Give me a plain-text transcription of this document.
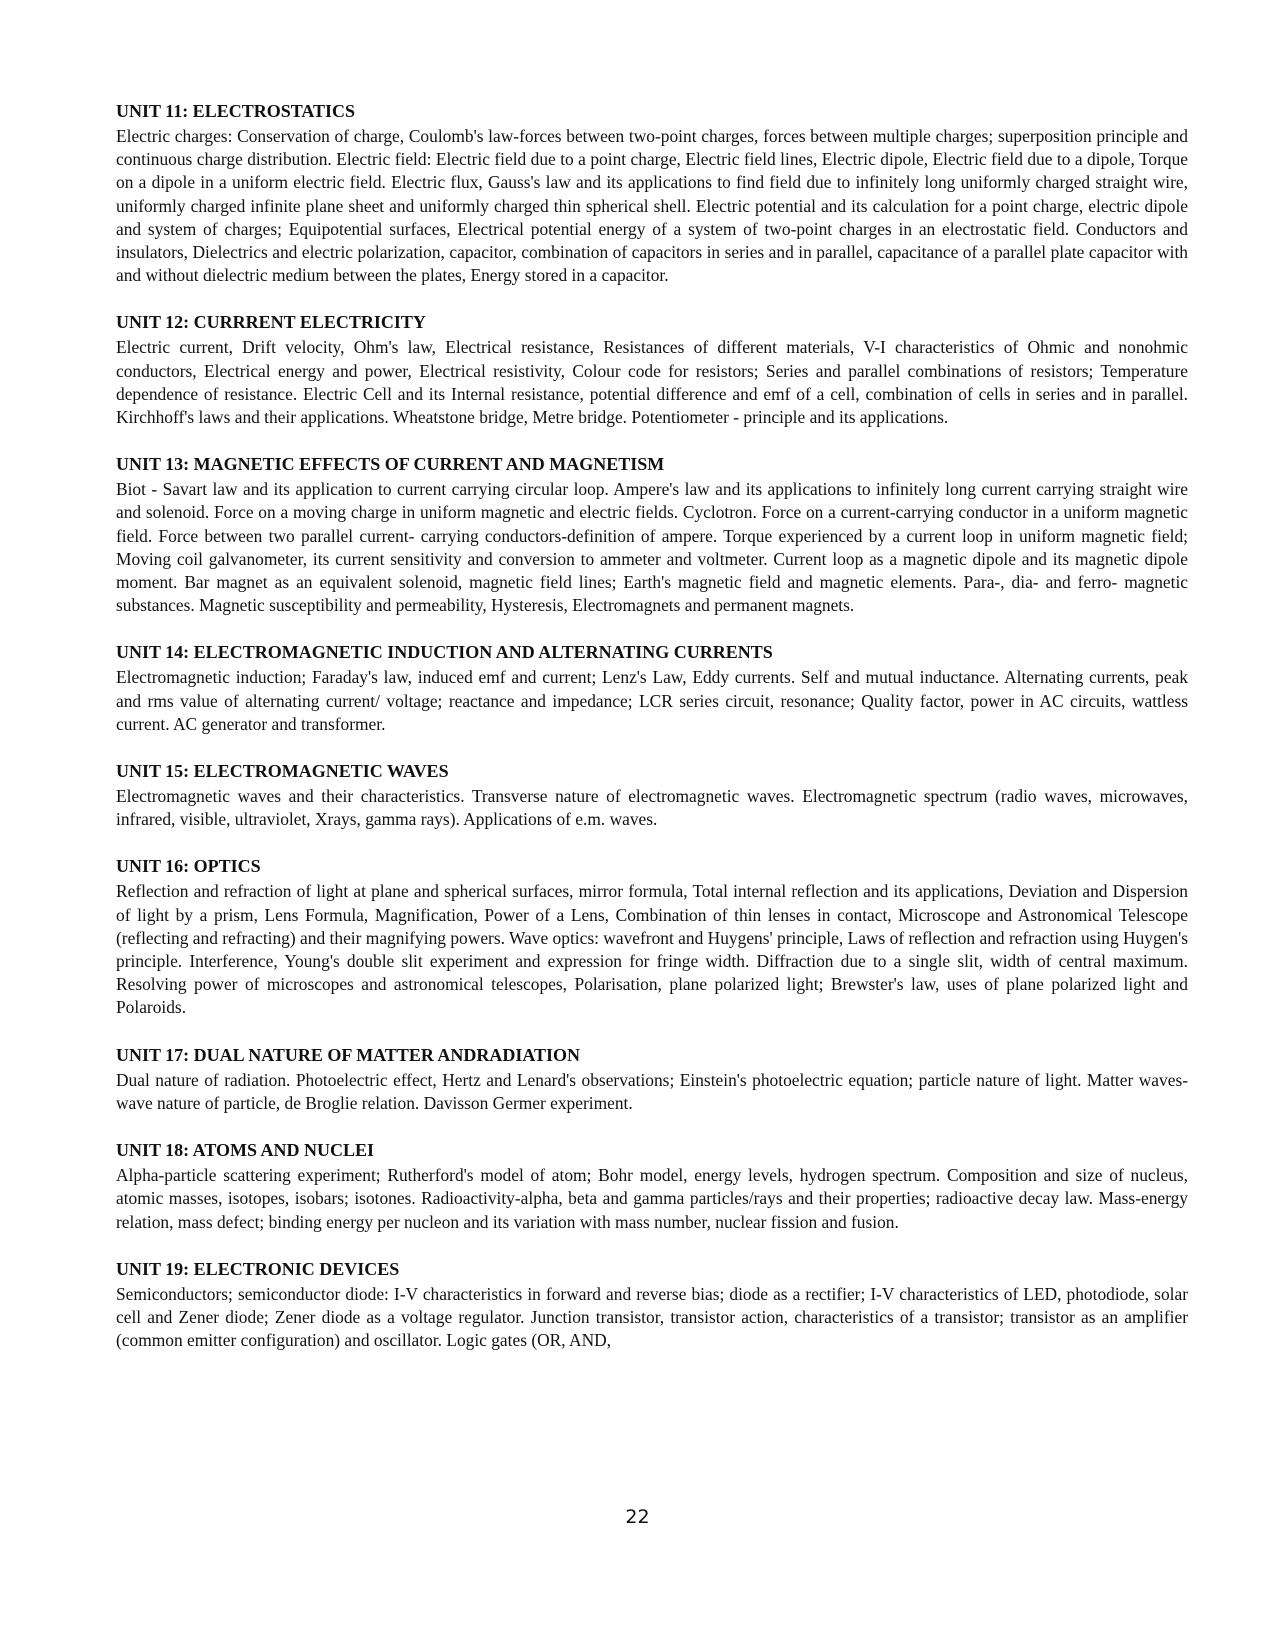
UNIT 11: ELECTROSTATICS

Electric charges: Conservation of charge, Coulomb's law-forces between two-point charges, forces between multiple charges; superposition principle and continuous charge distribution. Electric field: Electric field due to a point charge, Electric field lines, Electric dipole, Electric field due to a dipole, Torque on a dipole in a uniform electric field. Electric flux, Gauss's law and its applications to find field due to infinitely long uniformly charged straight wire, uniformly charged infinite plane sheet and uniformly charged thin spherical shell. Electric potential and its calculation for a point charge, electric dipole and system of charges; Equipotential surfaces, Electrical potential energy of a system of two-point charges in an electrostatic field. Conductors and insulators, Dielectrics and electric polarization, capacitor, combination of capacitors in series and in parallel, capacitance of a parallel plate capacitor with and without dielectric medium between the plates, Energy stored in a capacitor.

UNIT 12: CURRRENT ELECTRICITY

Electric current, Drift velocity, Ohm's law, Electrical resistance, Resistances of different materials, V-I characteristics of Ohmic and nonohmic conductors, Electrical energy and power, Electrical resistivity, Colour code for resistors; Series and parallel combinations of resistors; Temperature dependence of resistance. Electric Cell and its Internal resistance, potential difference and emf of a cell, combination of cells in series and in parallel. Kirchhoff's laws and their applications. Wheatstone bridge, Metre bridge. Potentiometer - principle and its applications.

UNIT 13: MAGNETIC EFFECTS OF CURRENT AND MAGNETISM

Biot - Savart law and its application to current carrying circular loop. Ampere's law and its applications to infinitely long current carrying straight wire and solenoid. Force on a moving charge in uniform magnetic and electric fields. Cyclotron. Force on a current-carrying conductor in a uniform magnetic field. Force between two parallel current- carrying conductors-definition of ampere. Torque experienced by a current loop in uniform magnetic field; Moving coil galvanometer, its current sensitivity and conversion to ammeter and voltmeter. Current loop as a magnetic dipole and its magnetic dipole moment. Bar magnet as an equivalent solenoid, magnetic field lines; Earth's magnetic field and magnetic elements. Para-, dia- and ferro- magnetic substances. Magnetic susceptibility and permeability, Hysteresis, Electromagnets and permanent magnets.

UNIT 14: ELECTROMAGNETIC INDUCTION AND ALTERNATING CURRENTS

Electromagnetic induction; Faraday's law, induced emf and current; Lenz's Law, Eddy currents. Self and mutual inductance. Alternating currents, peak and rms value of alternating current/ voltage; reactance and impedance; LCR series circuit, resonance; Quality factor, power in AC circuits, wattless current. AC generator and transformer.

UNIT 15: ELECTROMAGNETIC WAVES

Electromagnetic waves and their characteristics. Transverse nature of electromagnetic waves. Electromagnetic spectrum (radio waves, microwaves, infrared, visible, ultraviolet, Xrays, gamma rays). Applications of e.m. waves.

UNIT 16: OPTICS

Reflection and refraction of light at plane and spherical surfaces, mirror formula, Total internal reflection and its applications, Deviation and Dispersion of light by a prism, Lens Formula, Magnification, Power of a Lens, Combination of thin lenses in contact, Microscope and Astronomical Telescope (reflecting and refracting) and their magnifying powers. Wave optics: wavefront and Huygens' principle, Laws of reflection and refraction using Huygen's principle. Interference, Young's double slit experiment and expression for fringe width. Diffraction due to a single slit, width of central maximum. Resolving power of microscopes and astronomical telescopes, Polarisation, plane polarized light; Brewster's law, uses of plane polarized light and Polaroids.

UNIT 17: DUAL NATURE OF MATTER ANDRADIATION

Dual nature of radiation. Photoelectric effect, Hertz and Lenard's observations; Einstein's photoelectric equation; particle nature of light. Matter waves-wave nature of particle, de Broglie relation. Davisson Germer experiment.

UNIT 18: ATOMS AND NUCLEI

Alpha-particle scattering experiment; Rutherford's model of atom; Bohr model, energy levels, hydrogen spectrum. Composition and size of nucleus, atomic masses, isotopes, isobars; isotones. Radioactivity-alpha, beta and gamma particles/rays and their properties; radioactive decay law. Mass-energy relation, mass defect; binding energy per nucleon and its variation with mass number, nuclear fission and fusion.

UNIT 19: ELECTRONIC DEVICES

Semiconductors; semiconductor diode: I-V characteristics in forward and reverse bias; diode as a rectifier; I-V characteristics of LED, photodiode, solar cell and Zener diode; Zener diode as a voltage regulator. Junction transistor, transistor action, characteristics of a transistor; transistor as an amplifier (common emitter configuration) and oscillator. Logic gates (OR, AND,

22
